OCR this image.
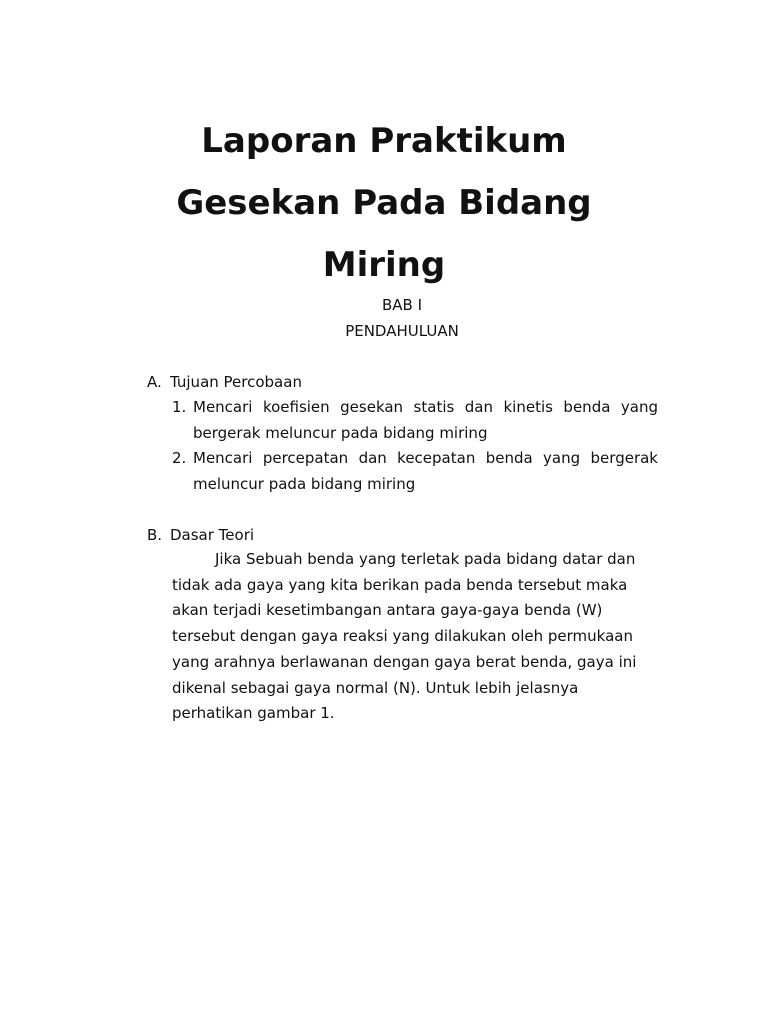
Laporan Praktikum
Gesekan Pada Bidang
Miring
BAB I
PENDAHULUAN
A. Tujuan Percobaan
1. Mencari koefisien gesekan statis dan kinetis benda yang bergerak meluncur pada bidang miring
2. Mencari percepatan dan kecepatan benda yang bergerak meluncur pada bidang miring
B. Dasar Teori

Jika Sebuah benda yang terletak pada bidang datar dan
tidak ada gaya yang kita berikan pada benda tersebut maka
akan terjadi kesetimbangan antara gaya-gaya benda (W)
tersebut dengan gaya reaksi yang dilakukan oleh permukaan
yang arahnya berlawanan dengan gaya berat benda, gaya ini
dikenal sebagai gaya normal (N). Untuk lebih jelasnya
perhatikan gambar 1.
